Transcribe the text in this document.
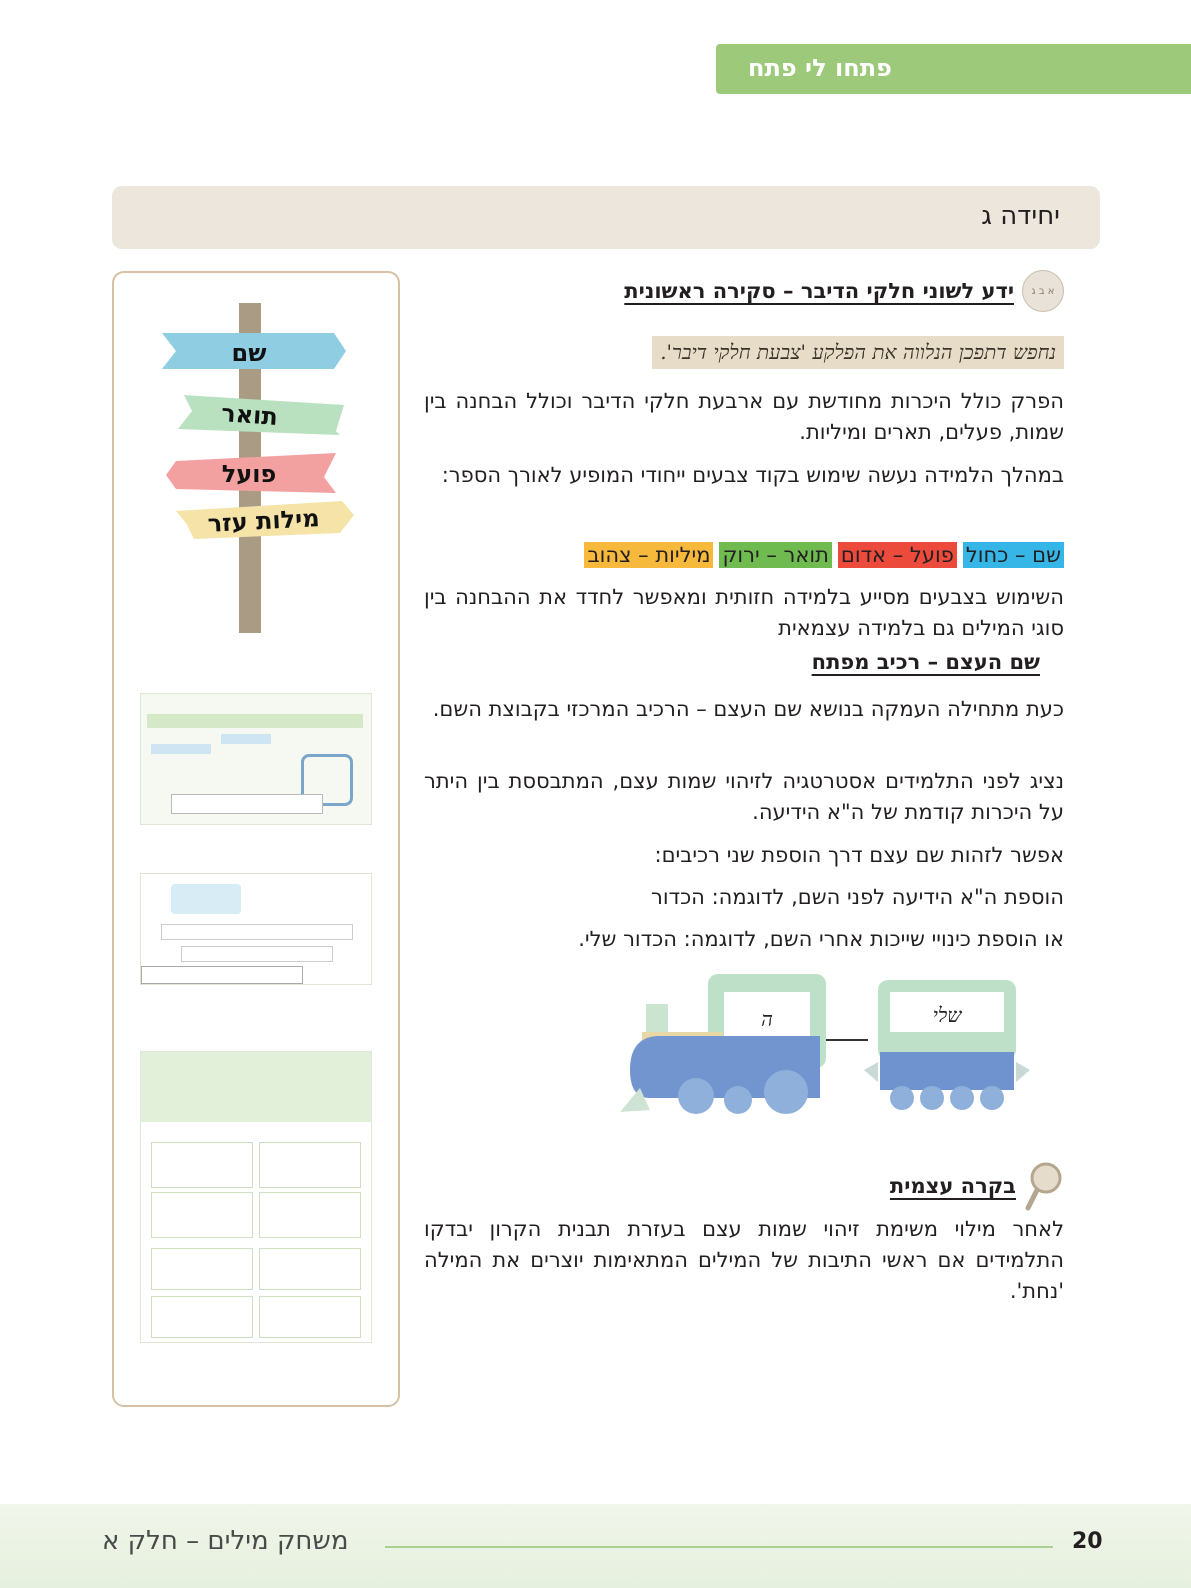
פתחו לי פתח
יחידה ג
שם
תואר
פועל
מילות עזר
א ב ג
ידע לשוני חלקי הדיבר – סקירה ראשונית
נחפש דתפכן הנלווה את הפלקע 'צבעת חלקי דיבר'.
הפרק כולל היכרות מחודשת עם ארבעת חלקי הדיבר וכולל הבחנה בין שמות, פעלים, תארים ומיליות.
במהלך הלמידה נעשה שימוש בקוד צבעים ייחודי המופיע לאורך הספר:
שם – כחול
פועל – אדום
תואר – ירוק
מיליות – צהוב
השימוש בצבעים מסייע בלמידה חזותית ומאפשר לחדד את ההבחנה בין סוגי המילים גם בלמידה עצמאית
שם העצם – רכיב מפתח
כעת מתחילה העמקה בנושא שם העצם – הרכיב המרכזי בקבוצת השם.
נציג לפני התלמידים אסטרטגיה לזיהוי שמות עצם, המתבססת בין היתר על היכרות קודמת של ה"א הידיעה.
אפשר לזהות שם עצם דרך הוספת שני רכיבים:
הוספת ה"א הידיעה לפני השם, לדוגמה: הכדור
או הוספת כינויי שייכות אחרי השם, לדוגמה: הכדור שלי.
ה	שלי
בקרה עצמית
לאחר מילוי משימת זיהוי שמות עצם בעזרת תבנית הקרון יבדקו התלמידים אם ראשי התיבות של המילים המתאימות יוצרים את המילה 'נחת'.
20
משחק מילים – חלק א
